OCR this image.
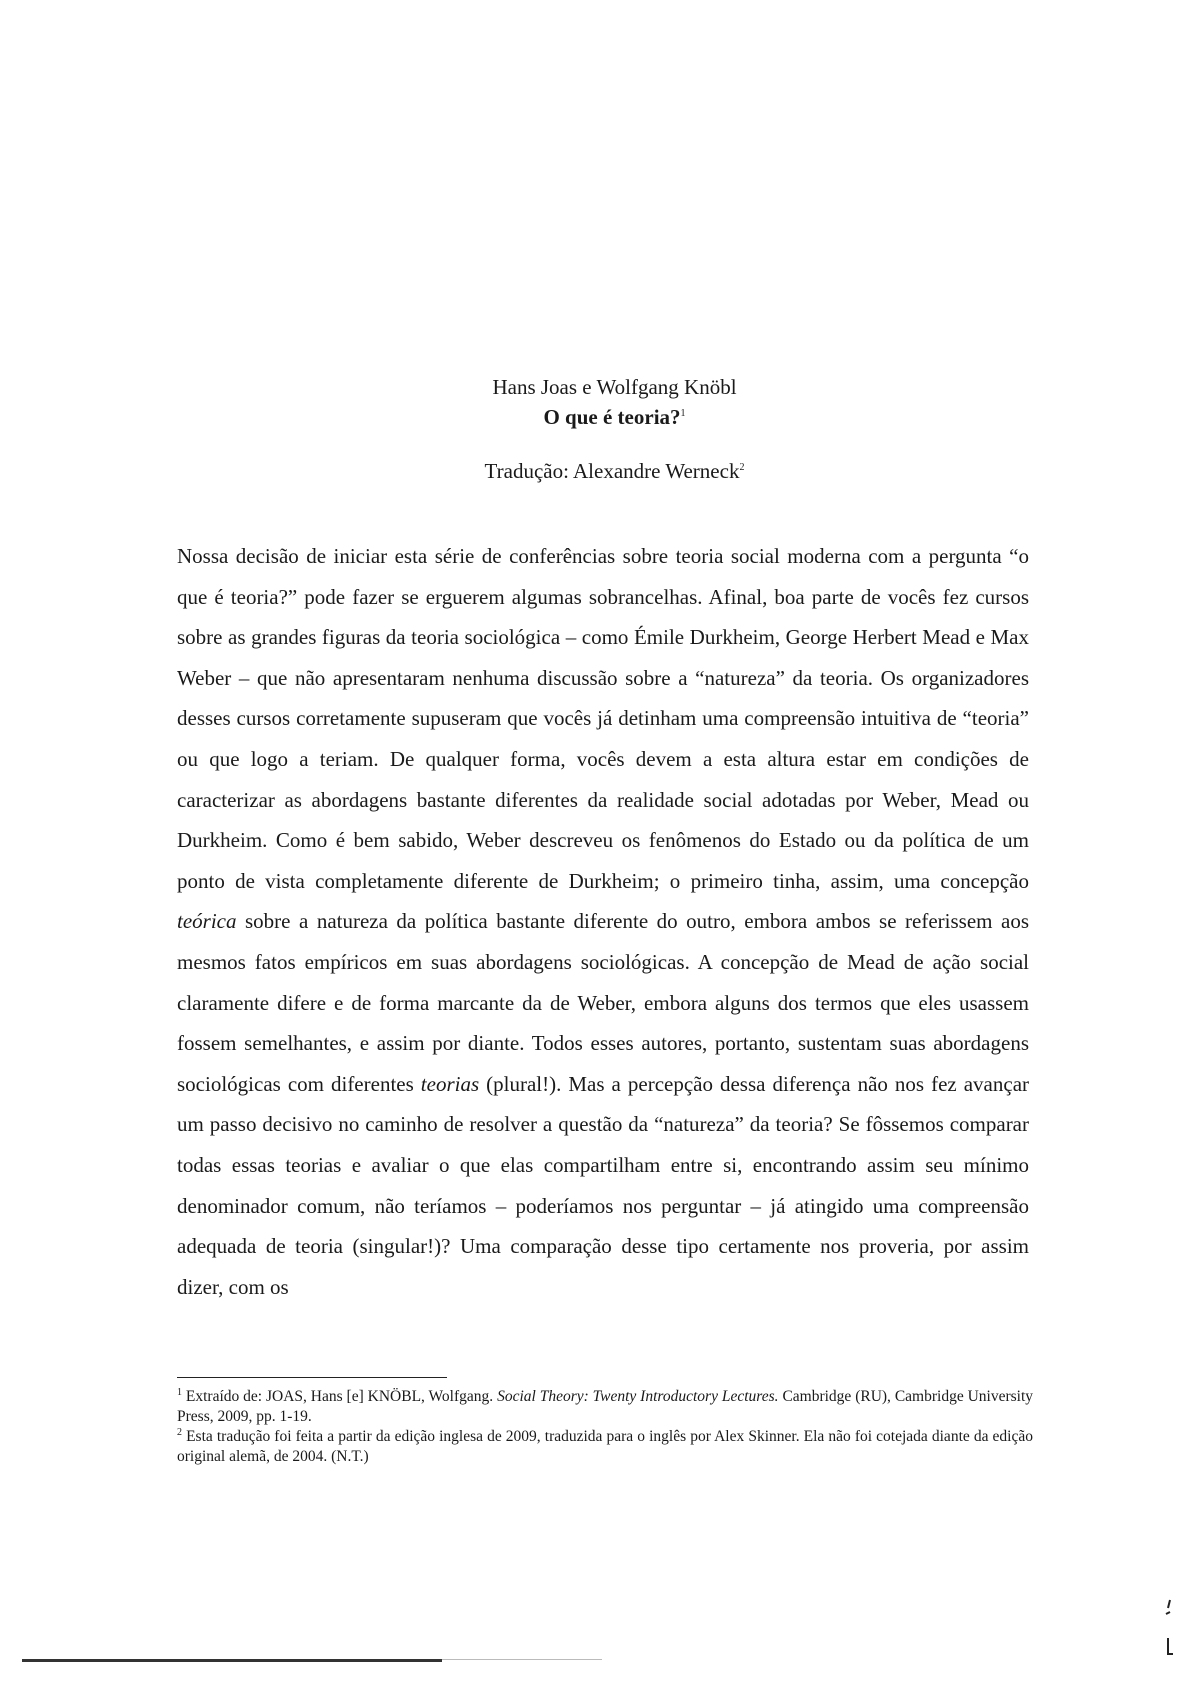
Hans Joas e Wolfgang Knöbl
O que é teoria?$^1$
Tradução: Alexandre Werneck$^2$

Nossa decisão de iniciar esta série de conferências sobre teoria social moderna com a pergunta “o que é teoria?” pode fazer se erguerem algumas sobrancelhas. Afinal, boa parte de vocês fez cursos sobre as grandes figuras da teoria sociológica – como Émile Durkheim, George Herbert Mead e Max Weber – que não apresentaram nenhuma discussão sobre a “natureza” da teoria. Os organizadores desses cursos corretamente supuseram que vocês já detinham uma compreensão intuitiva de “teoria” ou que logo a teriam. De qualquer forma, vocês devem a esta altura estar em condições de caracterizar as abordagens bastante diferentes da realidade social adotadas por Weber, Mead ou Durkheim. Como é bem sabido, Weber descreveu os fenômenos do Estado ou da política de um ponto de vista completamente diferente de Durkheim; o primeiro tinha, assim, uma concepção teórica sobre a natureza da política bastante diferente do outro, embora ambos se referissem aos mesmos fatos empíricos em suas abordagens sociológicas. A concepção de Mead de ação social claramente difere e de forma marcante da de Weber, embora alguns dos termos que eles usassem fossem semelhantes, e assim por diante. Todos esses autores, portanto, sustentam suas abordagens sociológicas com diferentes teorias (plural!). Mas a percepção dessa diferença não nos fez avançar um passo decisivo no caminho de resolver a questão da “natureza” da teoria? Se fôssemos comparar todas essas teorias e avaliar o que elas compartilham entre si, encontrando assim seu mínimo denominador comum, não teríamos – poderíamos nos perguntar – já atingido uma compreensão adequada de teoria (singular!)? Uma comparação desse tipo certamente nos proveria, por assim dizer, com os

$^1$ Extraído de: JOAS, Hans [e] KNÖBL, Wolfgang. Social Theory: Twenty Introductory Lectures. Cambridge (RU), Cambridge University Press, 2009, pp. 1-19.

$^2$ Esta tradução foi feita a partir da edição inglesa de 2009, traduzida para o inglês por Alex Skinner. Ela não foi cotejada diante da edição original alemã, de 2004. (N.T.)
